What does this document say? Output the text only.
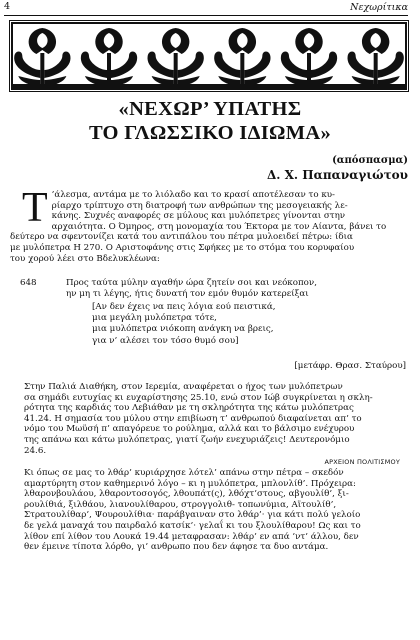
4	Νεχωρίτικα
«ΝΕΧΩΡ’ ΥΠΑΤΗΣ
ΤΟ ΓΛΩΣΣΙΚΟ ΙΔΙΩΜΑ»
(απόσπασμα)
Δ. Χ. Παπαναγιώτου
Τ ’άλεσμα, αντάμα με το λιόλαδο και το κρασί αποτέλεσαν το κυ-
ρίαρχο τρίπτυχο στη διατροφή των ανθρώπων της μεσογειακής λε-
κάνης. Συχνές αναφορές σε μύλους και μυλόπετρες γίνονται στην
αρχαιότητα. Ο Όμηρος, στη μονομαχία του Έκτορα με τον Αίαντα, βάνει το
δεύτερο να σφεντονίζει κατά του αντιπάλου του πέτρα μυλοειδεί πέτρω: ίδια
με μυλόπετρα Η 270. Ο Αριστοφάνης στις Σφήκες με το στόμα του κορυφαίου
του χορού λέει στο Βδελυκλέωνα:
648	Προς ταύτα μύλην αγαθήν ώρα ζητείν σοι και νεόκοπον,
ην μη τι λέγης, ήτις δυνατή τον εμόν θυμόν κατερείξαι
[Αν δεν έχεις να πεις λόγια εού πειστικά,
μια μεγάλη μυλόπετρα τότε,
μια μυλόπετρα νιόκοπη ανάγκη να βρεις,
για ν’ αλέσει τον τόσο θυμό σου]
[μετάφρ. Θρασ. Σταύρου]
Στην Παλιά Διαθήκη, στον Ιερεμία, αναφέρεται ο ήχος των μυλόπετρων
σα σημάδι ευτυχίας κι ευχαρίστησης 25.10, ενώ στον Ιώβ συγκρίνεται η σκλη-
ρότητα της καρδιάς του Λεβιάθαν με τη σκληρότητα της κάτω μυλόπετρας
41.24. Η σημασία του μύλου στην επιβίωση τ’ ανθρωπού διαφαίνεται απ’ το
νόμο του Μωϋσή π’ απαγόρευε το ρούλημα, αλλά και το βάλσιμο ενέχυρου
της απάνω και κάτω μυλόπετρας, γιατί ζωήν ενεχυριάζεις! Δευτερονόμιο
24.6.
ΑΡΧΕΙΟΝ ΠΟΛΙΤΙΣΜΟΥ
Κι όπως σε μας το λθάρ’ κυριάρχησε λότελ’ απάνω στην πέτρα – σκεδόν
αμαρτύρητη στον καθημερινό λόγο – κι η μυλόπετρα, μπλονλίθ’. Πρόχειρα:
λθαρονβουλάου, λθαροντοσογός, λθουπάτ(ς), λθόχτ’στους, αβγουλίθ’, ξι-
ρουλίθιά, ξιλθάου, λιανουλίθαρου, στρογγολιθ- τοπωνύμια, Αϊτουλίθ’,
Στρατουλίθαρ’, Ψουρουλίθια· παράβγαιναν στο λθάρ’· για κάτι πολύ γελοίο
δε γελά μαναχά του παιρδαλό κατσίκ’· γελαΐ κι του ξλουλίθαρου! Ως και το
λίθον επί λίθον του Λουκά 19.44 μεταφρασαν: λθάρ’ εν απά ’ντ’ άλλου, δεν
θεν έμεινε τίποτα λόρθο, γι’ ανθρωπο που δεν άφησε τα δυο αντάμα.
